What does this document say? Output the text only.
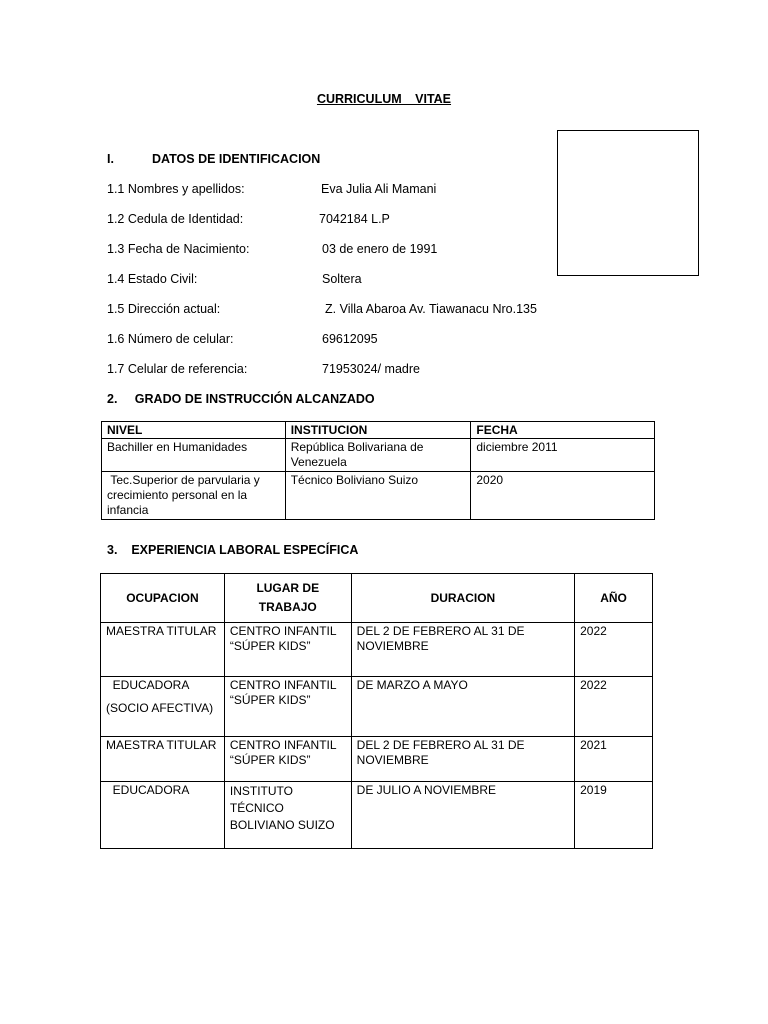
CURRICULUM VITAE
I.	DATOS DE IDENTIFICACION
1.1 Nombres y apellidos:	Eva Julia Ali Mamani
1.2 Cedula de Identidad:	7042184 L.P
1.3 Fecha de Nacimiento:	03 de enero de 1991
1.4 Estado Civil:	Soltera
1.5 Dirección actual:	Z. Villa Abaroa Av. Tiawanacu Nro.135
1.6 Número de celular:	69612095
1.7 Celular de referencia:	71953024/ madre
2.     GRADO DE INSTRUCCIÓN ALCANZADO
NIVEL	INSTITUCION	FECHA
Bachiller en Humanidades	República Bolivariana de Venezuela	diciembre 2011
Tec.Superior de parvularia y crecimiento personal en la infancia	Técnico Boliviano Suizo	2020
3.    EXPERIENCIA LABORAL ESPECÍFICA
OCUPACION	LUGAR DE TRABAJO	DURACION	AÑO
MAESTRA TITULAR	CENTRO INFANTIL “SÚPER KIDS”	DEL 2 DE FEBRERO AL 31 DE NOVIEMBRE	2022

EDUCADORA
(SOCIO AFECTIVA)	CENTRO INFANTIL “SÚPER KIDS”	DE MARZO A MAYO	2022
MAESTRA TITULAR	CENTRO INFANTIL “SÚPER KIDS”	DEL 2 DE FEBRERO AL 31 DE NOVIEMBRE	2021
EDUCADORA	INSTITUTO TÉCNICO BOLIVIANO SUIZO	DE JULIO A NOVIEMBRE	2019
